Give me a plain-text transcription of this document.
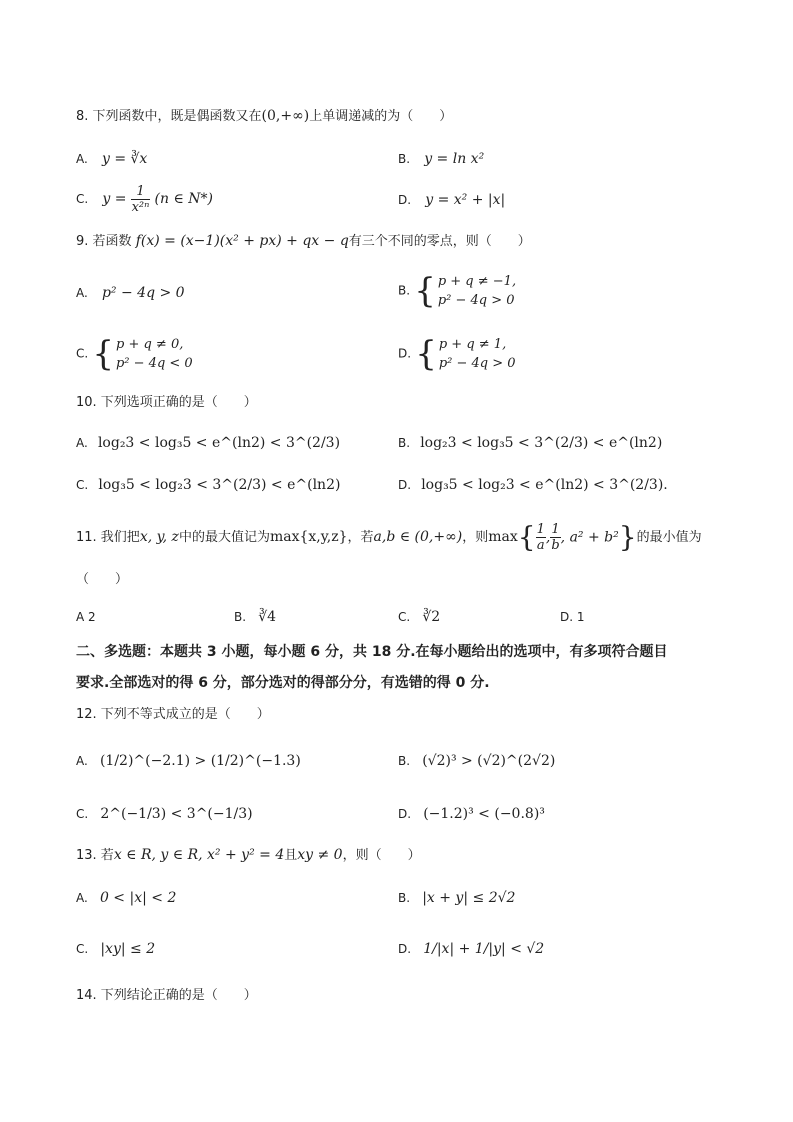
8. 下列函数中，既是偶函数又在(0,+∞)上单调递减的为（　　）
A. y = ∛x	B. y = ln x²
C. $y = \frac{1}{\text{x²ⁿ}} (n$ ∈ N*)	D. y = x² + |x|
9. 若函数 f(x) = (x−1)(x² + px) + qx − q有三个不同的零点，则（　　）
A. p² − 4q > 0	B. { p + q ≠ −1,
p² − 4q > 0
C. { p + q ≠ 0,
p² − 4q < 0
D. { p + q ≠ 1,
p² − 4q > 0
10. 下列选项正确的是（　　）
A. log₂3 < log₃5 < e^(ln2) < 3^(2/3)	B. log₂3 < log₃5 < 3^(2/3) < e^(ln2)
C. log₃5 < log₂3 < 3^(2/3) < e^(ln2)	D. log₃5 < log₂3 < e^(ln2) < 3^(2/3).
11. 我们把x, y, z中的最大值记为max{x,y,z}，若a,b ∈ (0,+∞)，则$\max\{ \frac{1}{a}$ , $\frac{1}{b}$ , a² + b²}的最小值为
（　　）
A 2	B. ∛4	C. ∛2	D. 1
二、多选题：本题共 3 小题，每小题 6 分，共 18 分.在每小题给出的选项中，有多项符合题目
要求.全部选对的得 6 分，部分选对的得部分分，有选错的得 0 分.
12. 下列不等式成立的是（　　）
A. (1/2)^(−2.1) > (1/2)^(−1.3)	B. (√2)³ > (√2)^(2√2)
C. 2^(−1/3) < 3^(−1/3)	D. (−1.2)³ < (−0.8)³
13. 若x ∈ R, y ∈ R, x² + y² = 4且xy ≠ 0，则（　　）
A. 0 < |x| < 2	B. |x + y| ≤ 2√2
C. |xy| ≤ 2	D. 1/|x| + 1/|y| < √2
14. 下列结论正确的是（　　）
